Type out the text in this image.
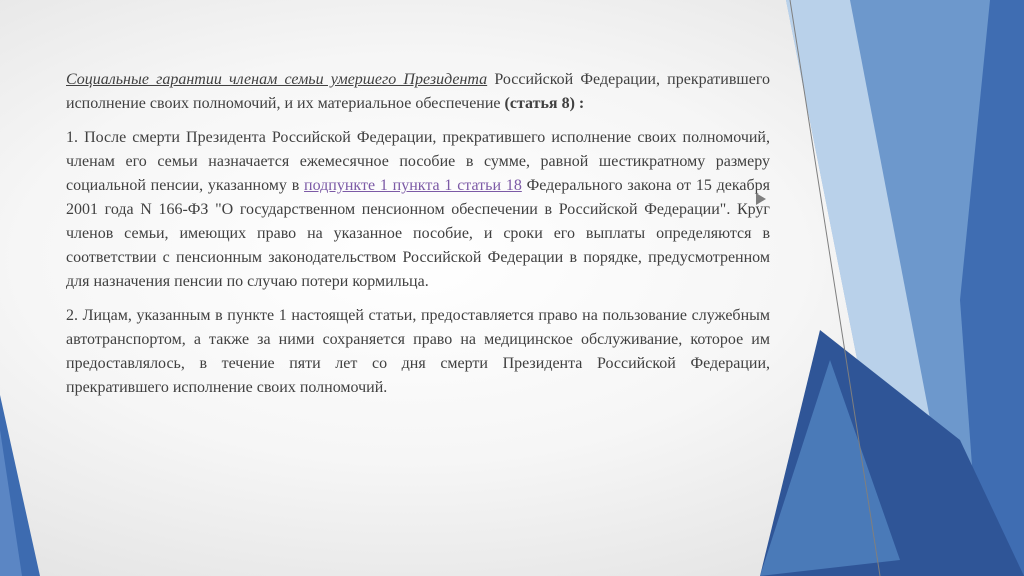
Социальные гарантии членам семьи умершего Президента Российской Федерации, прекратившего исполнение своих полномочий, и их материальное обеспечение (статья 8) :

1. После смерти Президента Российской Федерации, прекратившего исполнение своих полномочий, членам его семьи назначается ежемесячное пособие в сумме, равной шестикратному размеру социальной пенсии, указанному в подпункте 1 пункта 1 статьи 18 Федерального закона от 15 декабря 2001 года N 166-ФЗ "О государственном пенсионном обеспечении в Российской Федерации". Круг членов семьи, имеющих право на указанное пособие, и сроки его выплаты определяются в соответствии с пенсионным законодательством Российской Федерации в порядке, предусмотренном для назначения пенсии по случаю потери кормильца.

2. Лицам, указанным в пункте 1 настоящей статьи, предоставляется право на пользование служебным автотранспортом, а также за ними сохраняется право на медицинское обслуживание, которое им предоставлялось, в течение пяти лет со дня смерти Президента Российской Федерации, прекратившего исполнение своих полномочий.
